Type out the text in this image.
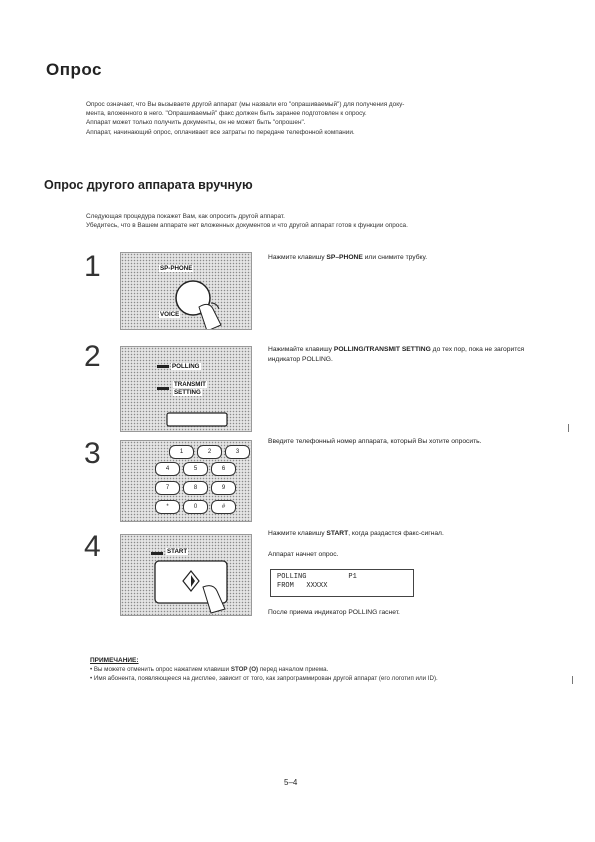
Опрос
Опрос означает, что Вы вызываете другой аппарат (мы назвали его "опрашиваемый") для получения доку-
мента, вложенного в него. "Опрашиваемый" факс должен быть заранее подготовлен к опросу.
Аппарат может только получить документы, он не может быть "опрошен".
Аппарат, начинающий опрос, оплачивает все затраты по передаче телефонной компании.
Опрос другого аппарата вручную
Следующая процедура покажет Вам, как опросить другой аппарат.
Убедитесь, что в Вашем аппарате нет вложенных документов и что другой аппарат готов к функции опроса.
1	SP-PHONE
VOICE
Нажмите клавишу SP–PHONE или снимите трубку.
2	POLLING
TRANSMIT
SETTING
Нажимайте клавишу POLLING/TRANSMIT SETTING до тех пор, пока не загорится индикатор POLLING.
3	1	2	3
4	5	6
7	8	9
*	0	#
Введите телефонный номер аппарата, который Вы хотите опросить.
4	START
Нажмите клавишу START, когда раздастся факс-сигнал.
Аппарат начнет опрос.
POLLING          P1
FROM   XXXXX
После приема индикатор POLLING гаснет.
ПРИМЕЧАНИЕ:
• Вы можете отменить опрос нажатием клавиши STOP (O) перед началом приема.
• Имя абонента, появляющееся на дисплее, зависит от того, как запрограммирован другой аппарат (его логотип или ID).
5–4
